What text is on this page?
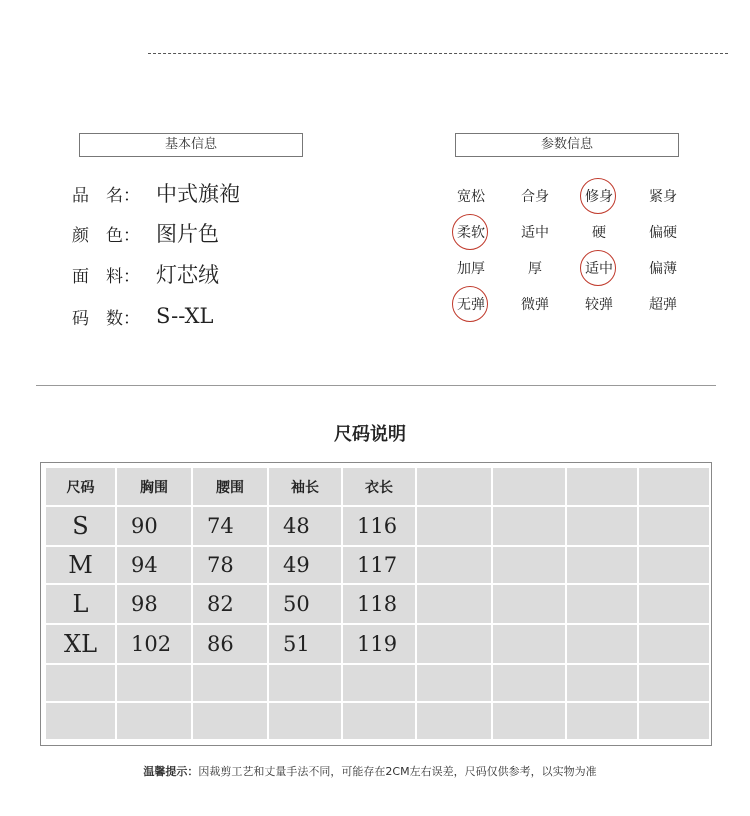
基本信息	参数信息
品　名： 中式旗袍
颜　色： 图片色
面　料： 灯芯绒
码　数： S--XL
宽松	合身	修身	紧身
柔软	适中	硬	偏硬
加厚	厚	适中	偏薄
无弹	微弹	较弹	超弹
尺码说明
尺码	胸围	腰围	袖长	衣长
S	90	74	48	116
M	94	78	49	117
L	98	82	50	118
XL	102	86	51	119
温馨提示：因裁剪工艺和丈量手法不同，可能存在2CM左右误差，尺码仅供参考，以实物为准
